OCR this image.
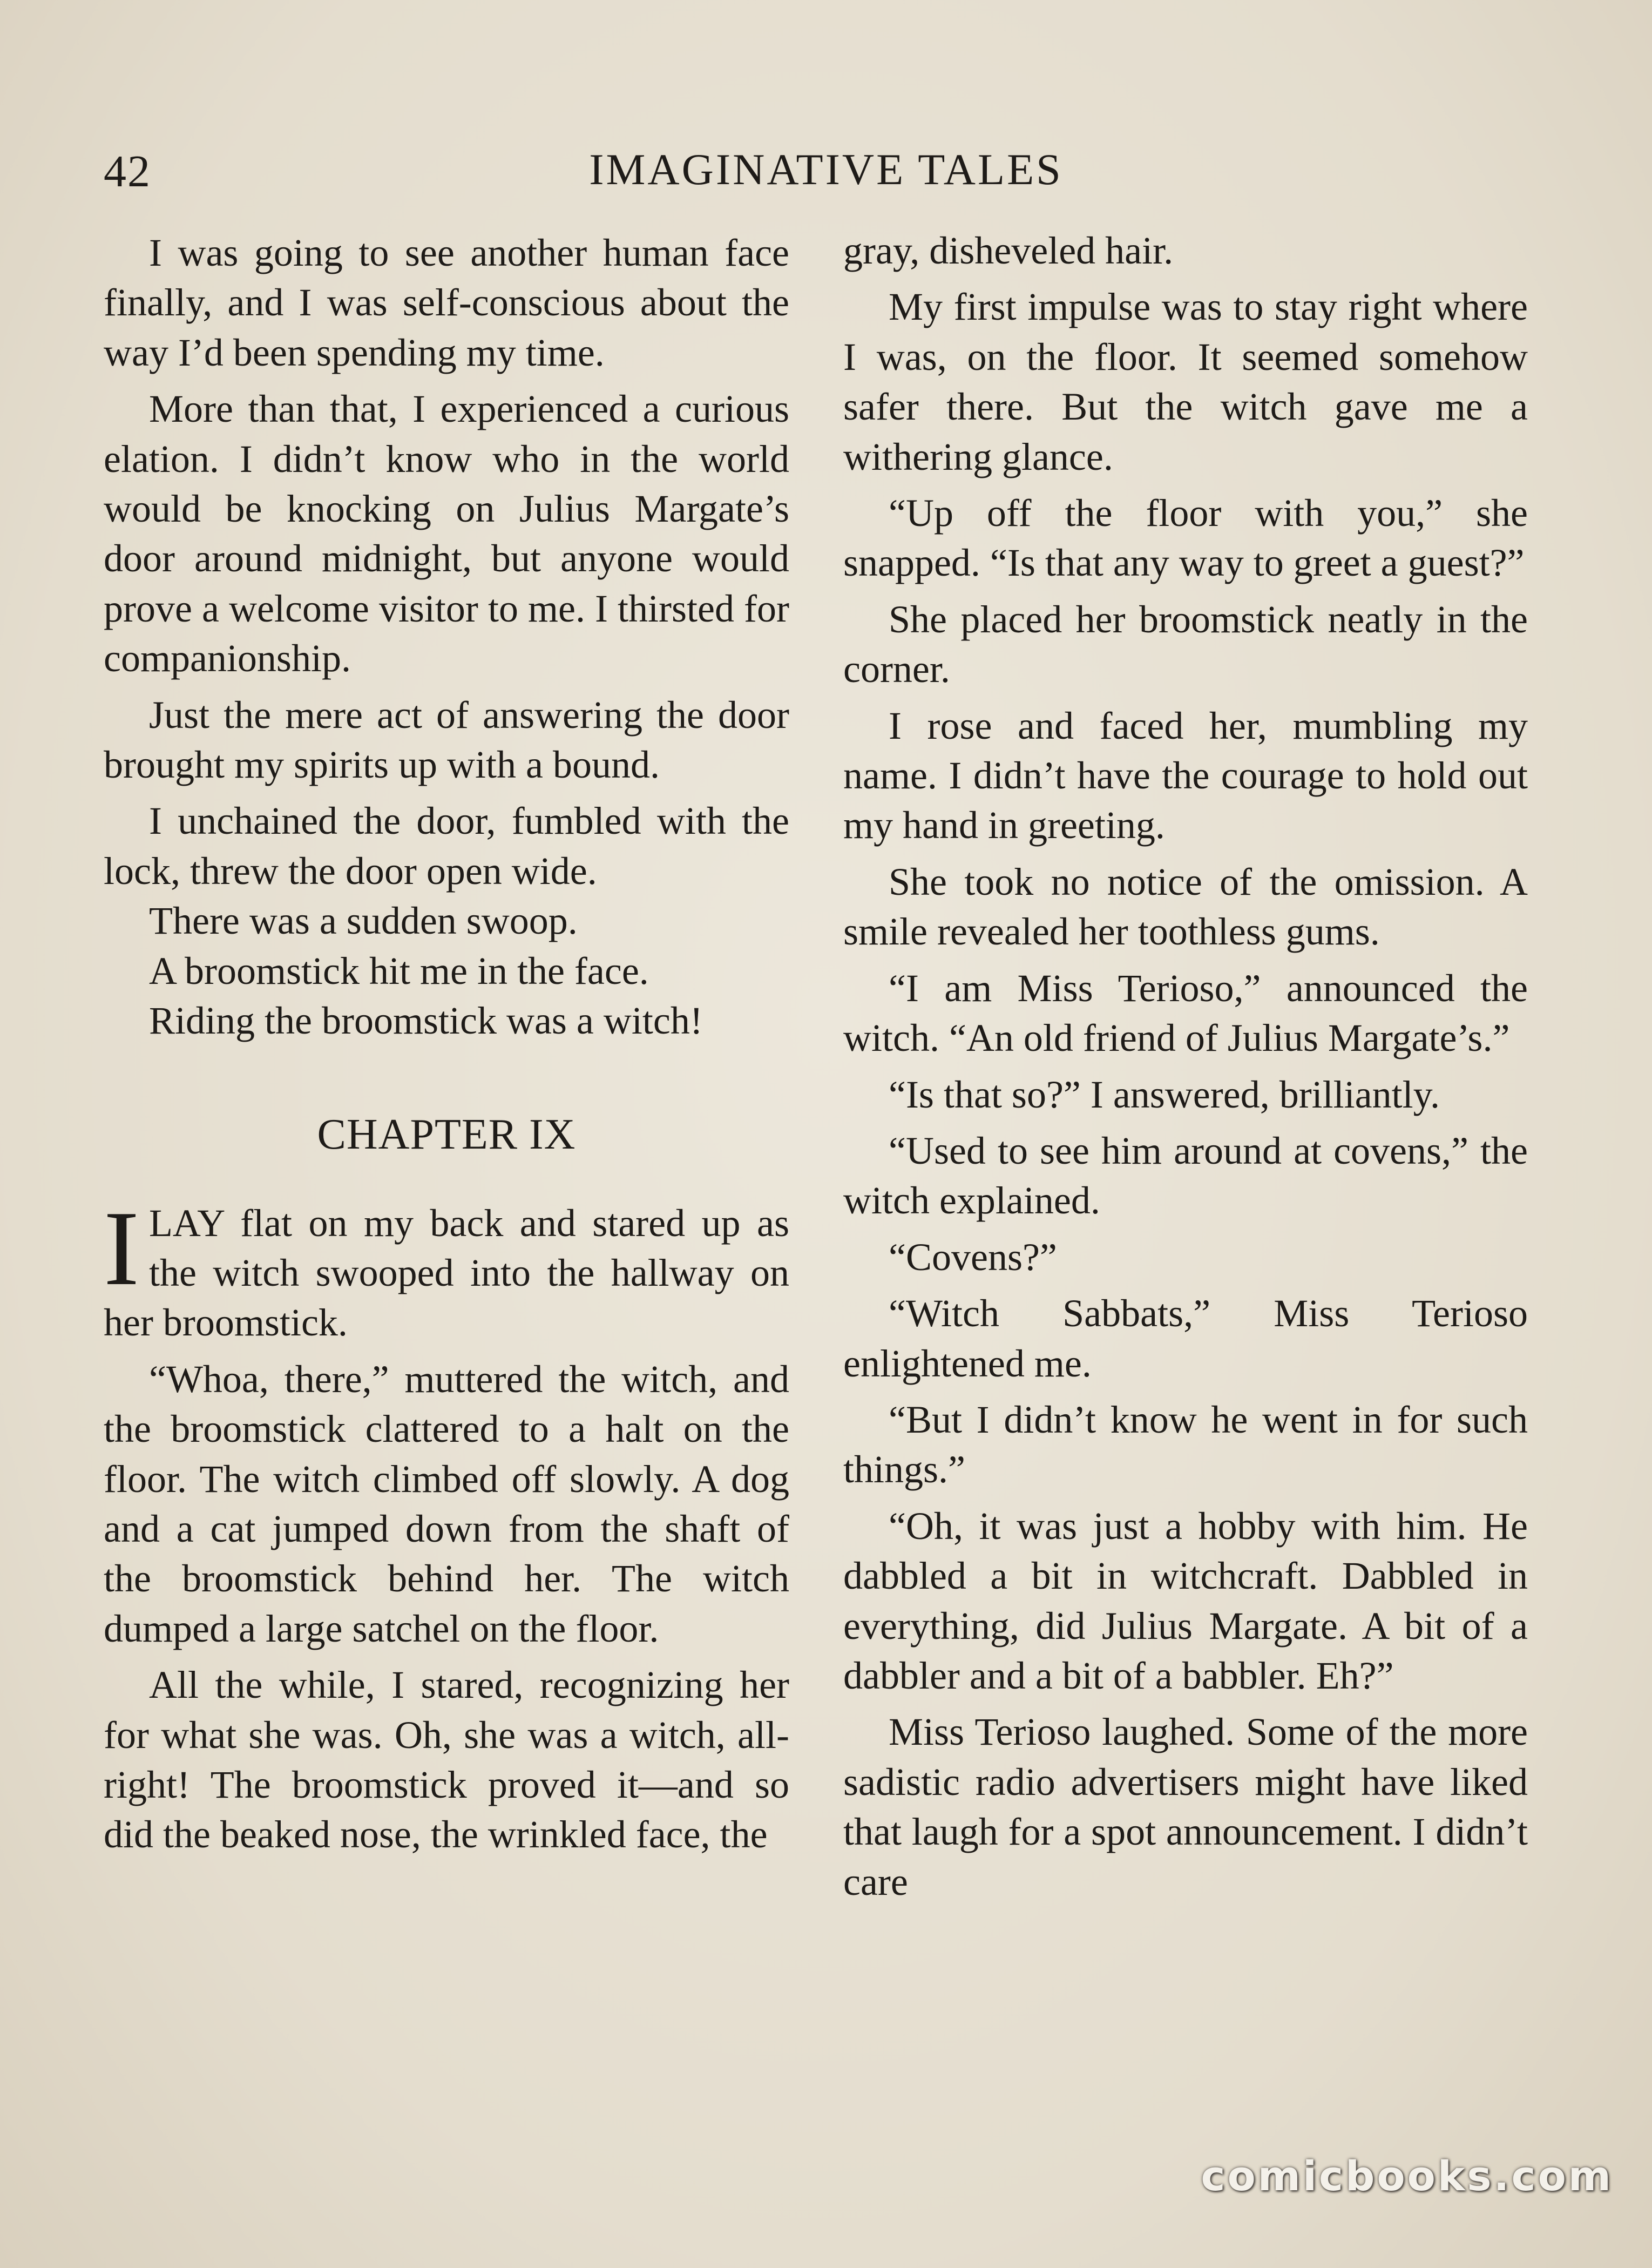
42	IMAGINATIVE TALES

I was going to see another human face finally, and I was self-conscious about the way I’d been spending my time.

More than that, I experienced a curious elation. I didn’t know who in the world would be knocking on Julius Margate’s door around midnight, but anyone would prove a welcome visitor to me. I thirsted for companionship.

Just the mere act of answering the door brought my spirits up with a bound.

I unchained the door, fumbled with the lock, threw the door open wide.

There was a sudden swoop.

A broomstick hit me in the face.

Riding the broomstick was a witch!

CHAPTER IX

ILAY flat on my back and stared up as the witch swooped into the hallway on her broomstick.

“Whoa, there,” muttered the witch, and the broomstick clattered to a halt on the floor. The witch climbed off slowly. A dog and a cat jumped down from the shaft of the broomstick behind her. The witch dumped a large satchel on the floor.

All the while, I stared, recognizing her for what she was. Oh, she was a witch, all-right! The broomstick proved it—and so did the beaked nose, the wrinkled face, the

gray, disheveled hair.

My first impulse was to stay right where I was, on the floor. It seemed somehow safer there. But the witch gave me a withering glance.

“Up off the floor with you,” she snapped. “Is that any way to greet a guest?”

She placed her broomstick neatly in the corner.

I rose and faced her, mumbling my name. I didn’t have the courage to hold out my hand in greeting.

She took no notice of the omission. A smile revealed her toothless gums.

“I am Miss Terioso,” announced the witch. “An old friend of Julius Margate’s.”

“Is that so?” I answered, brilliantly.

“Used to see him around at covens,” the witch explained.

“Covens?”

“Witch Sabbats,” Miss Terioso enlightened me.

“But I didn’t know he went in for such things.”

“Oh, it was just a hobby with him. He dabbled a bit in witchcraft. Dabbled in everything, did Julius Margate. A bit of a dabbler and a bit of a babbler. Eh?”

Miss Terioso laughed. Some of the more sadistic radio advertisers might have liked that laugh for a spot announcement. I didn’t care

comicbooks.com
